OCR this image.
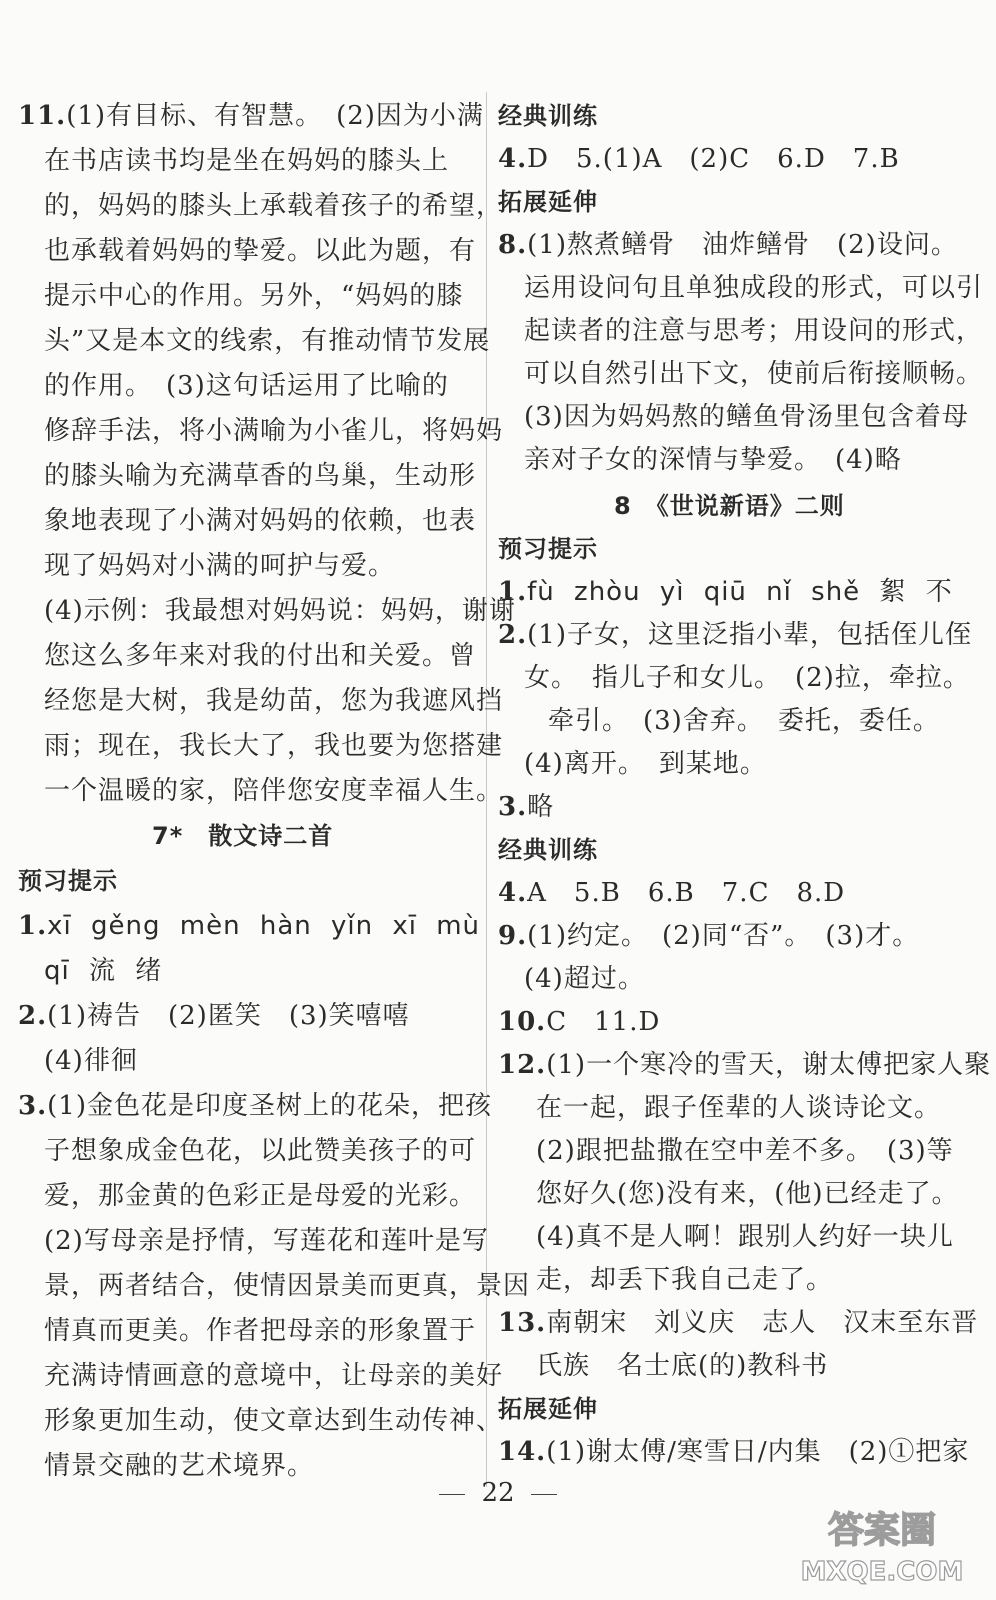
11.(1)有目标、有智慧。　(2)因为小满
在书店读书均是坐在妈妈的膝头上
的，妈妈的膝头上承载着孩子的希望，
也承载着妈妈的挚爱。以此为题，有
提示中心的作用。另外，“妈妈的膝
头”又是本文的线索，有推动情节发展
的作用。　(3)这句话运用了比喻的
修辞手法，将小满喻为小雀儿，将妈妈
的膝头喻为充满草香的鸟巢，生动形
象地表现了小满对妈妈的依赖，也表
现了妈妈对小满的呵护与爱。
(4)示例：我最想对妈妈说：妈妈，谢谢
您这么多年来对我的付出和关爱。曾
经您是大树，我是幼苗，您为我遮风挡
雨；现在，我长大了，我也要为您搭建
一个温暖的家，陪伴您安度幸福人生。
7*　散文诗二首
预习提示
1.xī gěng mèn hàn yǐn xī mù
qī 流 绪
2.(1)祷告　(2)匿笑　(3)笑嘻嘻
(4)徘徊
3.(1)金色花是印度圣树上的花朵，把孩
子想象成金色花，以此赞美孩子的可
爱，那金黄的色彩正是母爱的光彩。
(2)写母亲是抒情，写莲花和莲叶是写
景，两者结合，使情因景美而更真，景因
情真而更美。作者把母亲的形象置于
充满诗情画意的意境中，让母亲的美好
形象更加生动，使文章达到生动传神、
情景交融的艺术境界。
经典训练
4.D　5.(1)A　(2)C　6.D　7.B
拓展延伸
8.(1)熬煮鳝骨　油炸鳝骨　(2)设问。
运用设问句且单独成段的形式，可以引
起读者的注意与思考；用设问的形式，
可以自然引出下文，使前后衔接顺畅。
(3)因为妈妈熬的鳝鱼骨汤里包含着母
亲对子女的深情与挚爱。　(4)略
8　《世说新语》二则
预习提示
1.fù zhòu yì qiū nǐ shě 絮 不
2.(1)子女，这里泛指小辈，包括侄儿侄
女。　指儿子和女儿。　(2)拉，牵拉。
牵引。　(3)舍弃。　委托，委任。
(4)离开。　到某地。
3.略
经典训练
4.A　5.B　6.B　7.C　8.D
9.(1)约定。　(2)同“否”。　(3)才。
(4)超过。
10.C　11.D
12.(1)一个寒冷的雪天，谢太傅把家人聚
在一起，跟子侄辈的人谈诗论文。
(2)跟把盐撒在空中差不多。　(3)等
您好久(您)没有来，(他)已经走了。
(4)真不是人啊！跟别人约好一块儿
走，却丢下我自己走了。
13.南朝宋　刘义庆　志人　汉末至东晋
氏族　名士底(的)教科书
拓展延伸
14.(1)谢太傅/寒雪日/内集　(2)①把家
22
答案圈
MXQE.COM
